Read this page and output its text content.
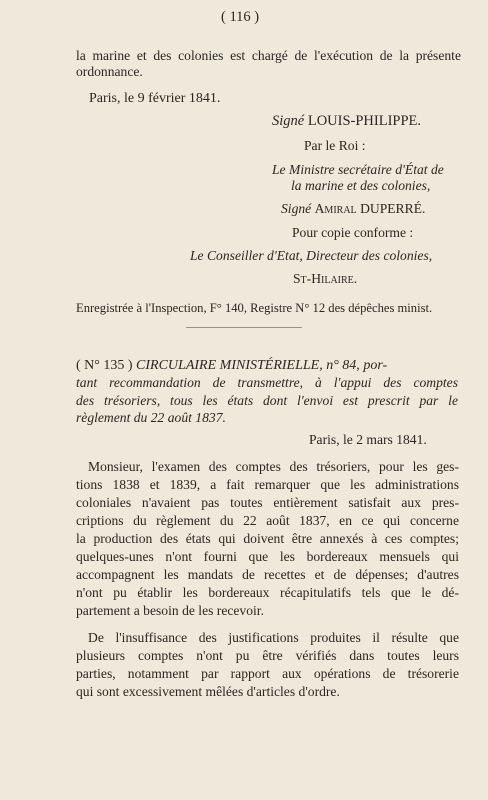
( 116 )
la marine et des colonies est chargé de l'exécution de la présente
ordonnance.
Paris, le 9 février 1841.
Signé LOUIS-PHILIPPE.
Par le Roi :
Le Ministre secrétaire d'État de
la marine et des colonies,
Signé Amiral DUPERRÉ.
Pour copie conforme :
Le Conseiller d'Etat, Directeur des colonies,
St-Hilaire.
Enregistrée à l'Inspection, F° 140, Registre N° 12 des dépêches minist.
( N° 135 ) CIRCULAIRE MINISTÉRIELLE, n° 84, por-
tant recommandation de transmettre, à l'appui des comptes
des trésoriers, tous les états dont l'envoi est prescrit par le
règlement du 22 août 1837.
Paris, le 2 mars 1841.
Monsieur, l'examen des comptes des trésoriers, pour les ges-
tions 1838 et 1839, a fait remarquer que les administrations
coloniales n'avaient pas toutes entièrement satisfait aux pres-
criptions du règlement du 22 août 1837, en ce qui concerne
la production des états qui doivent être annexés à ces comptes;
quelques-unes n'ont fourni que les bordereaux mensuels qui
accompagnent les mandats de recettes et de dépenses; d'autres
n'ont pu établir les bordereaux récapitulatifs tels que le dé-
partement a besoin de les recevoir.
De l'insuffisance des justifications produites il résulte que
plusieurs comptes n'ont pu être vérifiés dans toutes leurs
parties, notamment par rapport aux opérations de trésorerie
qui sont excessivement mêlées d'articles d'ordre.
